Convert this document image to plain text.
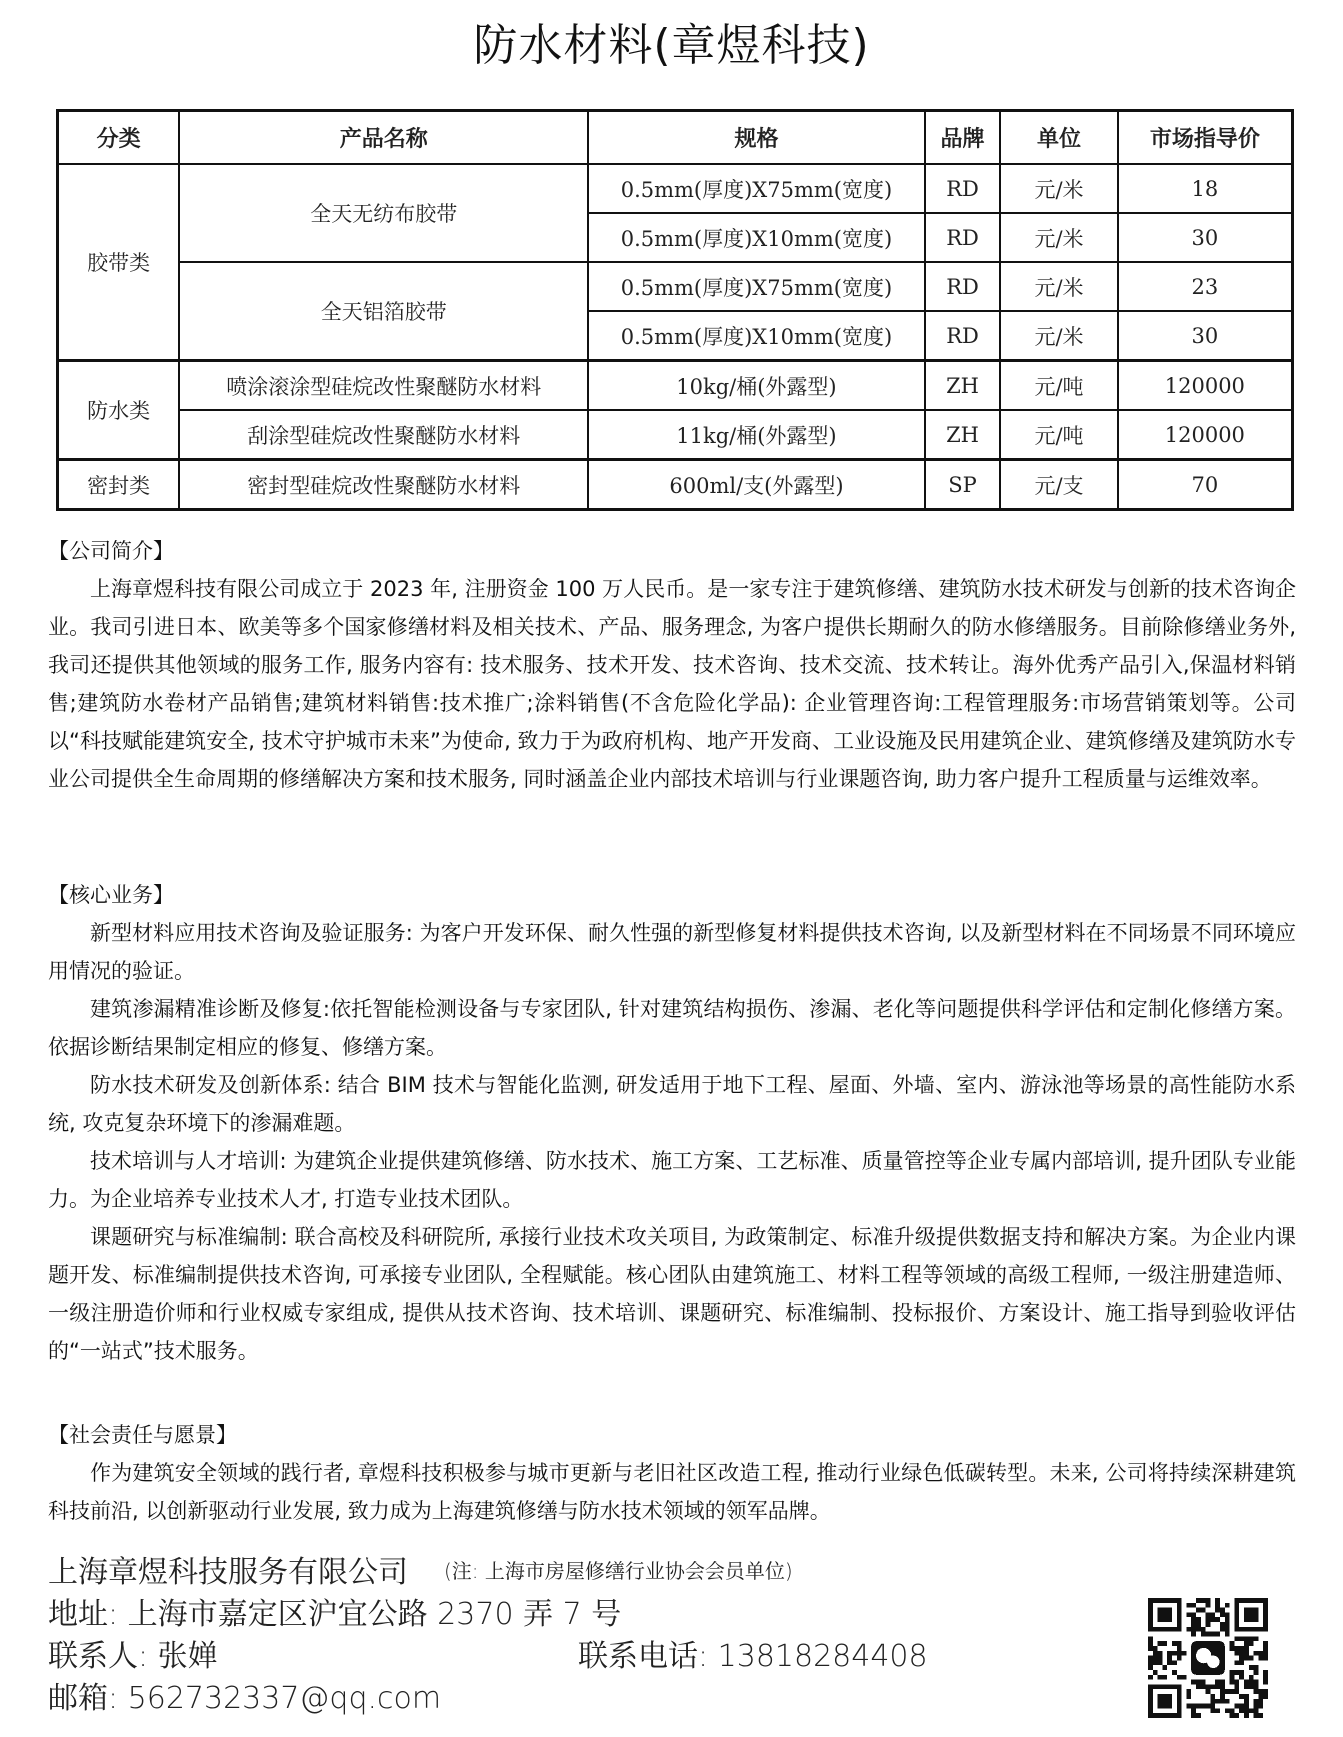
防水材料(章煜科技)
分类	产品名称	规格	品牌	单位	市场指导价
胶带类	全天无纺布胶带	0.5mm(厚度)X75mm(宽度)	RD	元/米	18
		0.5mm(厚度)X10mm(宽度)	RD	元/米	30
	全天铝箔胶带	0.5mm(厚度)X75mm(宽度)	RD	元/米	23
		0.5mm(厚度)X10mm(宽度)	RD	元/米	30
防水类	喷涂滚涂型硅烷改性聚醚防水材料	10kg/桶(外露型)	ZH	元/吨	120000
	刮涂型硅烷改性聚醚防水材料	11kg/桶(外露型)	ZH	元/吨	120000
密封类	密封型硅烷改性聚醚防水材料	600ml/支(外露型)	SP	元/支	70
【公司简介】

上海章煜科技有限公司成立于 2023 年, 注册资金 100 万人民币。是一家专注于建筑修缮、建筑防水技术研发与创新的技术咨询企业。我司引进日本、欧美等多个国家修缮材料及相关技术、产品、服务理念, 为客户提供长期耐久的防水修缮服务。目前除修缮业务外, 我司还提供其他领域的服务工作, 服务内容有: 技术服务、技术开发、技术咨询、技术交流、技术转让。海外优秀产品引入,保温材料销售;建筑防水卷材产品销售;建筑材料销售:技术推广;涂料销售(不含危险化学品): 企业管理咨询:工程管理服务:市场营销策划等。公司以“科技赋能建筑安全, 技术守护城市未来”为使命, 致力于为政府机构、地产开发商、工业设施及民用建筑企业、建筑修缮及建筑防水专业公司提供全生命周期的修缮解决方案和技术服务, 同时涵盖企业内部技术培训与行业课题咨询, 助力客户提升工程质量与运维效率。

【核心业务】

新型材料应用技术咨询及验证服务: 为客户开发环保、耐久性强的新型修复材料提供技术咨询, 以及新型材料在不同场景不同环境应用情况的验证。

建筑渗漏精准诊断及修复:依托智能检测设备与专家团队, 针对建筑结构损伤、渗漏、老化等问题提供科学评估和定制化修缮方案。依据诊断结果制定相应的修复、修缮方案。

防水技术研发及创新体系: 结合 BIM 技术与智能化监测, 研发适用于地下工程、屋面、外墙、室内、游泳池等场景的高性能防水系统, 攻克复杂环境下的渗漏难题。

技术培训与人才培训: 为建筑企业提供建筑修缮、防水技术、施工方案、工艺标准、质量管控等企业专属内部培训, 提升团队专业能力。为企业培养专业技术人才, 打造专业技术团队。

课题研究与标准编制: 联合高校及科研院所, 承接行业技术攻关项目, 为政策制定、标准升级提供数据支持和解决方案。为企业内课题开发、标准编制提供技术咨询, 可承接专业团队, 全程赋能。核心团队由建筑施工、材料工程等领域的高级工程师, 一级注册建造师、一级注册造价师和行业权威专家组成, 提供从技术咨询、技术培训、课题研究、标准编制、投标报价、方案设计、施工指导到验收评估的“一站式”技术服务。

【社会责任与愿景】

作为建筑安全领域的践行者, 章煜科技积极参与城市更新与老旧社区改造工程, 推动行业绿色低碳转型。未来, 公司将持续深耕建筑科技前沿, 以创新驱动行业发展, 致力成为上海建筑修缮与防水技术领域的领军品牌。

上海章煜科技服务有限公司 (注: 上海市房屋修缮行业协会会员单位)
地址: 上海市嘉定区沪宜公路 2370 弄 7 号
联系人: 张婵	联系电话: 13818284408
邮箱: 562732337@qq.com
